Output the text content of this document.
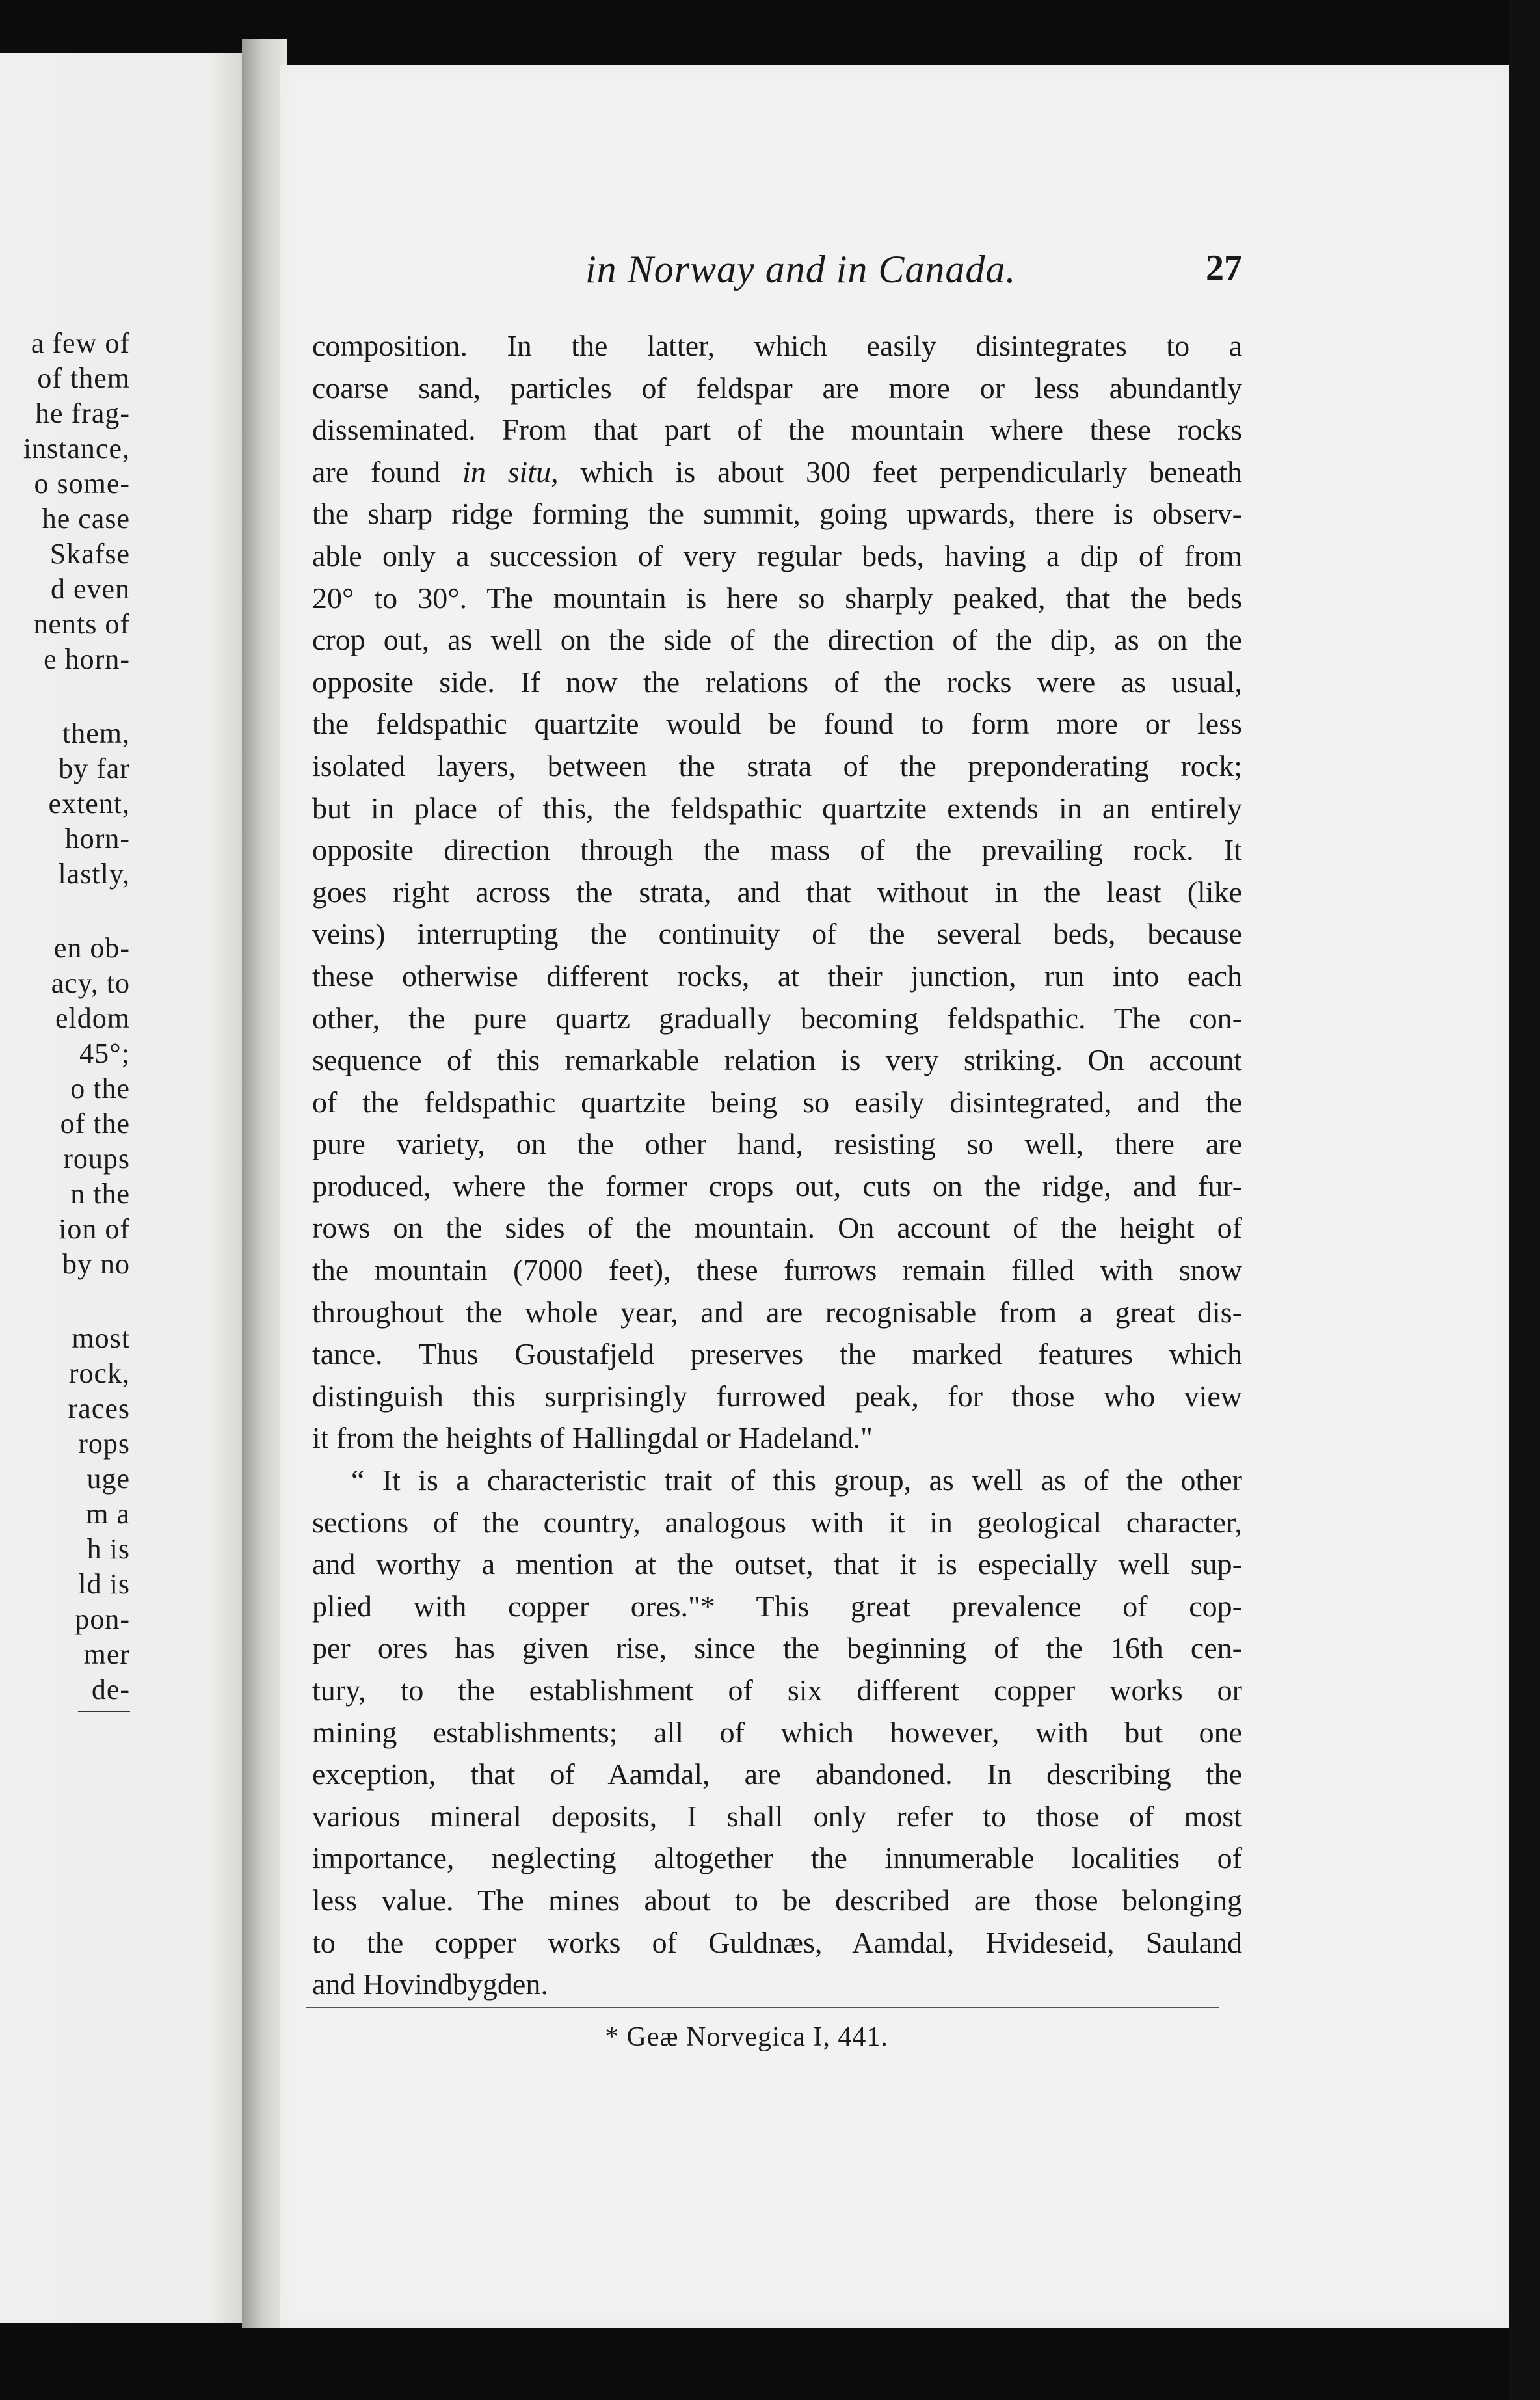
a few of
of them
he frag-
instance,
o some-
he case
Skafse
d even
nents of
e horn-
them,
by far
extent,
horn-
lastly,
en ob-
acy, to
eldom
45°;
o the
of the
roups
n the
ion of
by no
most
rock,
races
rops
uge
m a
h is
ld is
pon-
mer
de-
in Norway and in Canada.	27
composition. In the latter, which easily disintegrates to a
coarse sand, particles of feldspar are more or less abundantly
disseminated. From that part of the mountain where these rocks
are found in situ, which is about 300 feet perpendicularly beneath
the sharp ridge forming the summit, going upwards, there is observ-
able only a succession of very regular beds, having a dip of from
20° to 30°. The mountain is here so sharply peaked, that the beds
crop out, as well on the side of the direction of the dip, as on the
opposite side. If now the relations of the rocks were as usual,
the feldspathic quartzite would be found to form more or less
isolated layers, between the strata of the preponderating rock;
but in place of this, the feldspathic quartzite extends in an entirely
opposite direction through the mass of the prevailing rock. It
goes right across the strata, and that without in the least (like
veins) interrupting the continuity of the several beds, because
these otherwise different rocks, at their junction, run into each
other, the pure quartz gradually becoming feldspathic. The con-
sequence of this remarkable relation is very striking. On account
of the feldspathic quartzite being so easily disintegrated, and the
pure variety, on the other hand, resisting so well, there are
produced, where the former crops out, cuts on the ridge, and fur-
rows on the sides of the mountain. On account of the height of
the mountain (7000 feet), these furrows remain filled with snow
throughout the whole year, and are recognisable from a great dis-
tance. Thus Goustafjeld preserves the marked features which
distinguish this surprisingly furrowed peak, for those who view
it from the heights of Hallingdal or Hadeland."
“ It is a characteristic trait of this group, as well as of the other
sections of the country, analogous with it in geological character,
and worthy a mention at the outset, that it is especially well sup-
plied with copper ores."* This great prevalence of cop-
per ores has given rise, since the beginning of the 16th cen-
tury, to the establishment of six different copper works or
mining establishments; all of which however, with but one
exception, that of Aamdal, are abandoned. In describing the
various mineral deposits, I shall only refer to those of most
importance, neglecting altogether the innumerable localities of
less value. The mines about to be described are those belonging
to the copper works of Guldnæs, Aamdal, Hvideseid, Sauland
and Hovindbygden.
* Geæ Norvegica I, 441.
